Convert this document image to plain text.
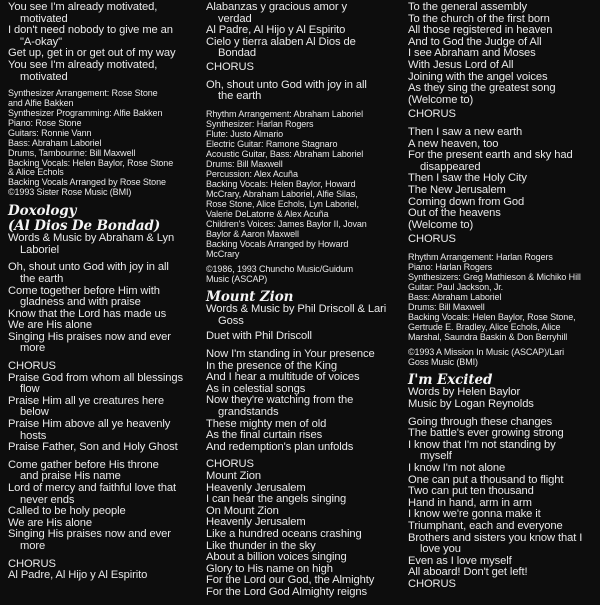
You see I'm already motivated,
motivated
I don't need nobody to give me an
"A-okay"
Get up, get in or get out of my way
You see I'm already motivated,
motivated
Synthesizer Arrangement: Rose Stone
and Alfie Bakken
Synthesizer Programming: Alfie Bakken
Piano: Rose Stone
Guitars: Ronnie Vann
Bass: Abraham Laboriel
Drums, Tambourine: Bill Maxwell
Backing Vocals: Helen Baylor, Rose Stone
& Alice Echols
Backing Vocals Arranged by Rose Stone
©1993 Sister Rose Music (BMI)
Doxology
(Al Dios De Bondad)
Words & Music by Abraham & Lyn
Laboriel
Oh, shout unto God with joy in all
the earth
Come together before Him with
gladness and with praise
Know that the Lord has made us
We are His alone
Singing His praises now and ever
more
CHORUS
Praise God from whom all blessings
flow
Praise Him all ye creatures here
below
Praise Him above all ye heavenly
hosts
Praise Father, Son and Holy Ghost
Come gather before His throne
and praise His name
Lord of mercy and faithful love that
never ends
Called to be holy people
We are His alone
Singing His praises now and ever
more
CHORUS
Al Padre, Al Hijo y Al Espirito
Alabanzas y gracious amor y
verdad
Al Padre, Al Hijo y Al Espirito
Cielo y tierra alaben Al Dios de
Bondad
CHORUS
Oh, shout unto God with joy in all
the earth
Rhythm Arrangement: Abraham Laboriel
Synthesizer: Harlan Rogers
Flute: Justo Almario
Electric Guitar: Ramone Stagnaro
Acoustic Guitar, Bass: Abraham Laboriel
Drums: Bill Maxwell
Percussion: Alex Acuña
Backing Vocals: Helen Baylor, Howard
McCrary, Abraham Laboriel, Alfie Silas,
Rose Stone, Alice Echols, Lyn Laboriel,
Valerie DeLatorre & Alex Acuña
Children's Voices: James Baylor II, Jovan
Baylor & Aaron Maxwell
Backing Vocals Arranged by Howard
McCrary
©1986, 1993 Chuncho Music/Guidum
Music (ASCAP)
Mount Zion
Words & Music by Phil Driscoll & Lari
Goss
Duet with Phil Driscoll
Now I'm standing in Your presence
In the presence of the King
And I hear a multitude of voices
As in celestial songs
Now they're watching from the
grandstands
These mighty men of old
As the final curtain rises
And redemption's plan unfolds
CHORUS
Mount Zion
Heavenly Jerusalem
I can hear the angels singing
On Mount Zion
Heavenly Jerusalem
Like a hundred oceans crashing
Like thunder in the sky
About a billion voices singing
Glory to His name on high
For the Lord our God, the Almighty
For the Lord God Almighty reigns
To the general assembly
To the church of the first born
All those registered in heaven
And to God the Judge of All
I see Abraham and Moses
With Jesus Lord of All
Joining with the angel voices
As they sing the greatest song
(Welcome to)
CHORUS
Then I saw a new earth
A new heaven, too
For the present earth and sky had
disappeared
Then I saw the Holy City
The New Jerusalem
Coming down from God
Out of the heavens
(Welcome to)
CHORUS
Rhythm Arrangement: Harlan Rogers
Piano: Harlan Rogers
Synthesizers: Greg Mathieson & Michiko Hill
Guitar: Paul Jackson, Jr.
Bass: Abraham Laboriel
Drums: Bill Maxwell
Backing Vocals: Helen Baylor, Rose Stone,
Gertrude E. Bradley, Alice Echols, Alice
Marshal, Saundra Baskin & Don Berryhill
©1993 A Mission In Music (ASCAP)/Lari
Goss Music (BMI)
I'm Excited
Words by Helen Baylor
Music by Logan Reynolds
Going through these changes
The battle's ever growing strong
I know that I'm not standing by
myself
I know I'm not alone
One can put a thousand to flight
Two can put ten thousand
Hand in hand, arm in arm
I know we're gonna make it
Triumphant, each and everyone
Brothers and sisters you know that I
love you
Even as I love myself
All aboard! Don't get left!
CHORUS
